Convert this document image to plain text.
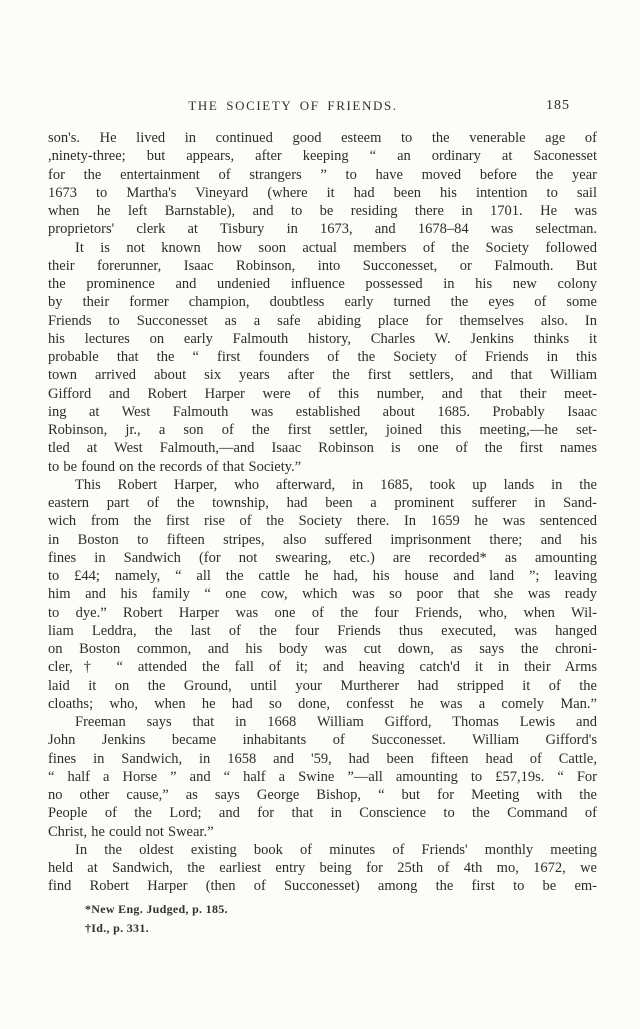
THE SOCIETY OF FRIENDS.	185

son's. He lived in continued good esteem to the venerable age of
,ninety-three; but appears, after keeping “ an ordinary at Saconesset
for the entertainment of strangers ” to have moved before the year
1673 to Martha's Vineyard (where it had been his intention to sail
when he left Barnstable), and to be residing there in 1701. He was
proprietors' clerk at Tisbury in 1673, and 1678–84 was selectman.

It is not known how soon actual members of the Society followed
their forerunner, Isaac Robinson, into Succonesset, or Falmouth. But
the prominence and undenied influence possessed in his new colony
by their former champion, doubtless early turned the eyes of some
Friends to Succonesset as a safe abiding place for themselves also. In
his lectures on early Falmouth history, Charles W. Jenkins thinks it
probable that the “ first founders of the Society of Friends in this
town arrived about six years after the first settlers, and that William
Gifford and Robert Harper were of this number, and that their meet-
ing at West Falmouth was established about 1685. Probably Isaac
Robinson, jr., a son of the first settler, joined this meeting,—he set-
tled at West Falmouth,—and Isaac Robinson is one of the first names
to be found on the records of that Society.”

This Robert Harper, who afterward, in 1685, took up lands in the
eastern part of the township, had been a prominent sufferer in Sand-
wich from the first rise of the Society there. In 1659 he was sentenced
in Boston to fifteen stripes, also suffered imprisonment there; and his
fines in Sandwich (for not swearing, etc.) are recorded* as amounting
to £44; namely, “ all the cattle he had, his house and land ”; leaving
him and his family “ one cow, which was so poor that she was ready
to dye.” Robert Harper was one of the four Friends, who, when Wil-
liam Leddra, the last of the four Friends thus executed, was hanged
on Boston common, and his body was cut down, as says the chroni-
cler,† “ attended the fall of it; and heaving catch'd it in their Arms
laid it on the Ground, until your Murtherer had stripped it of the
cloaths; who, when he had so done, confesst he was a comely Man.”

Freeman says that in 1668 William Gifford, Thomas Lewis and
John Jenkins became inhabitants of Succonesset. William Gifford's
fines in Sandwich, in 1658 and '59, had been fifteen head of Cattle,
“ half a Horse ” and “ half a Swine ”—all amounting to £57,19s. “ For
no other cause,” as says George Bishop, “ but for Meeting with the
People of the Lord; and for that in Conscience to the Command of
Christ, he could not Swear.”

In the oldest existing book of minutes of Friends' monthly meeting
held at Sandwich, the earliest entry being for 25th of 4th mo, 1672, we
find Robert Harper (then of Succonesset) among the first to be em-

*New Eng. Judged, p. 185.
†Id., p. 331.
